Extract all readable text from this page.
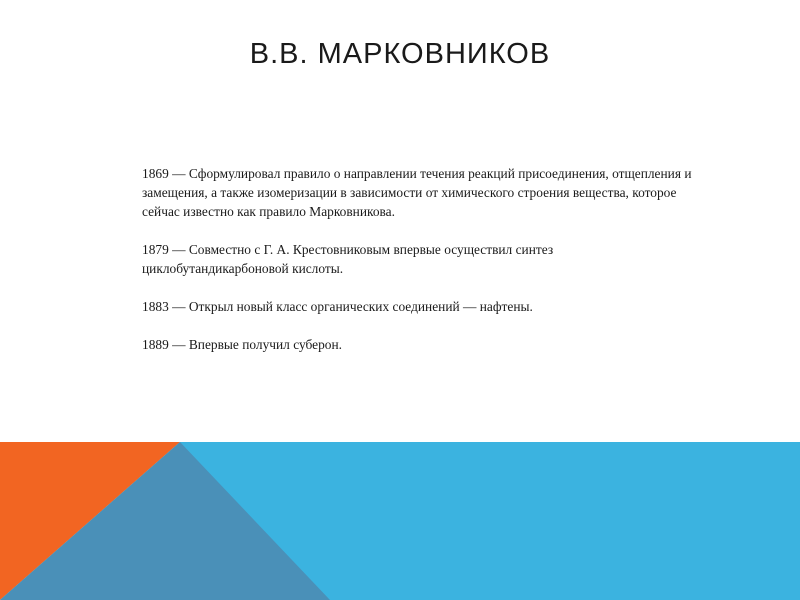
В.В. МАРКОВНИКОВ

1869 — Сформулировал правило о направлении течения реакций присоединения, отщепления и замещения, а также изомеризации в зависимости от химического строения вещества, которое сейчас известно как правило Марковникова.

1879 — Совместно с Г. А. Крестовниковым впервые осуществил синтез циклобутандикарбоновой кислоты.

1883 — Открыл новый класс органических соединений — нафтены.

1889 — Впервые получил суберон.
